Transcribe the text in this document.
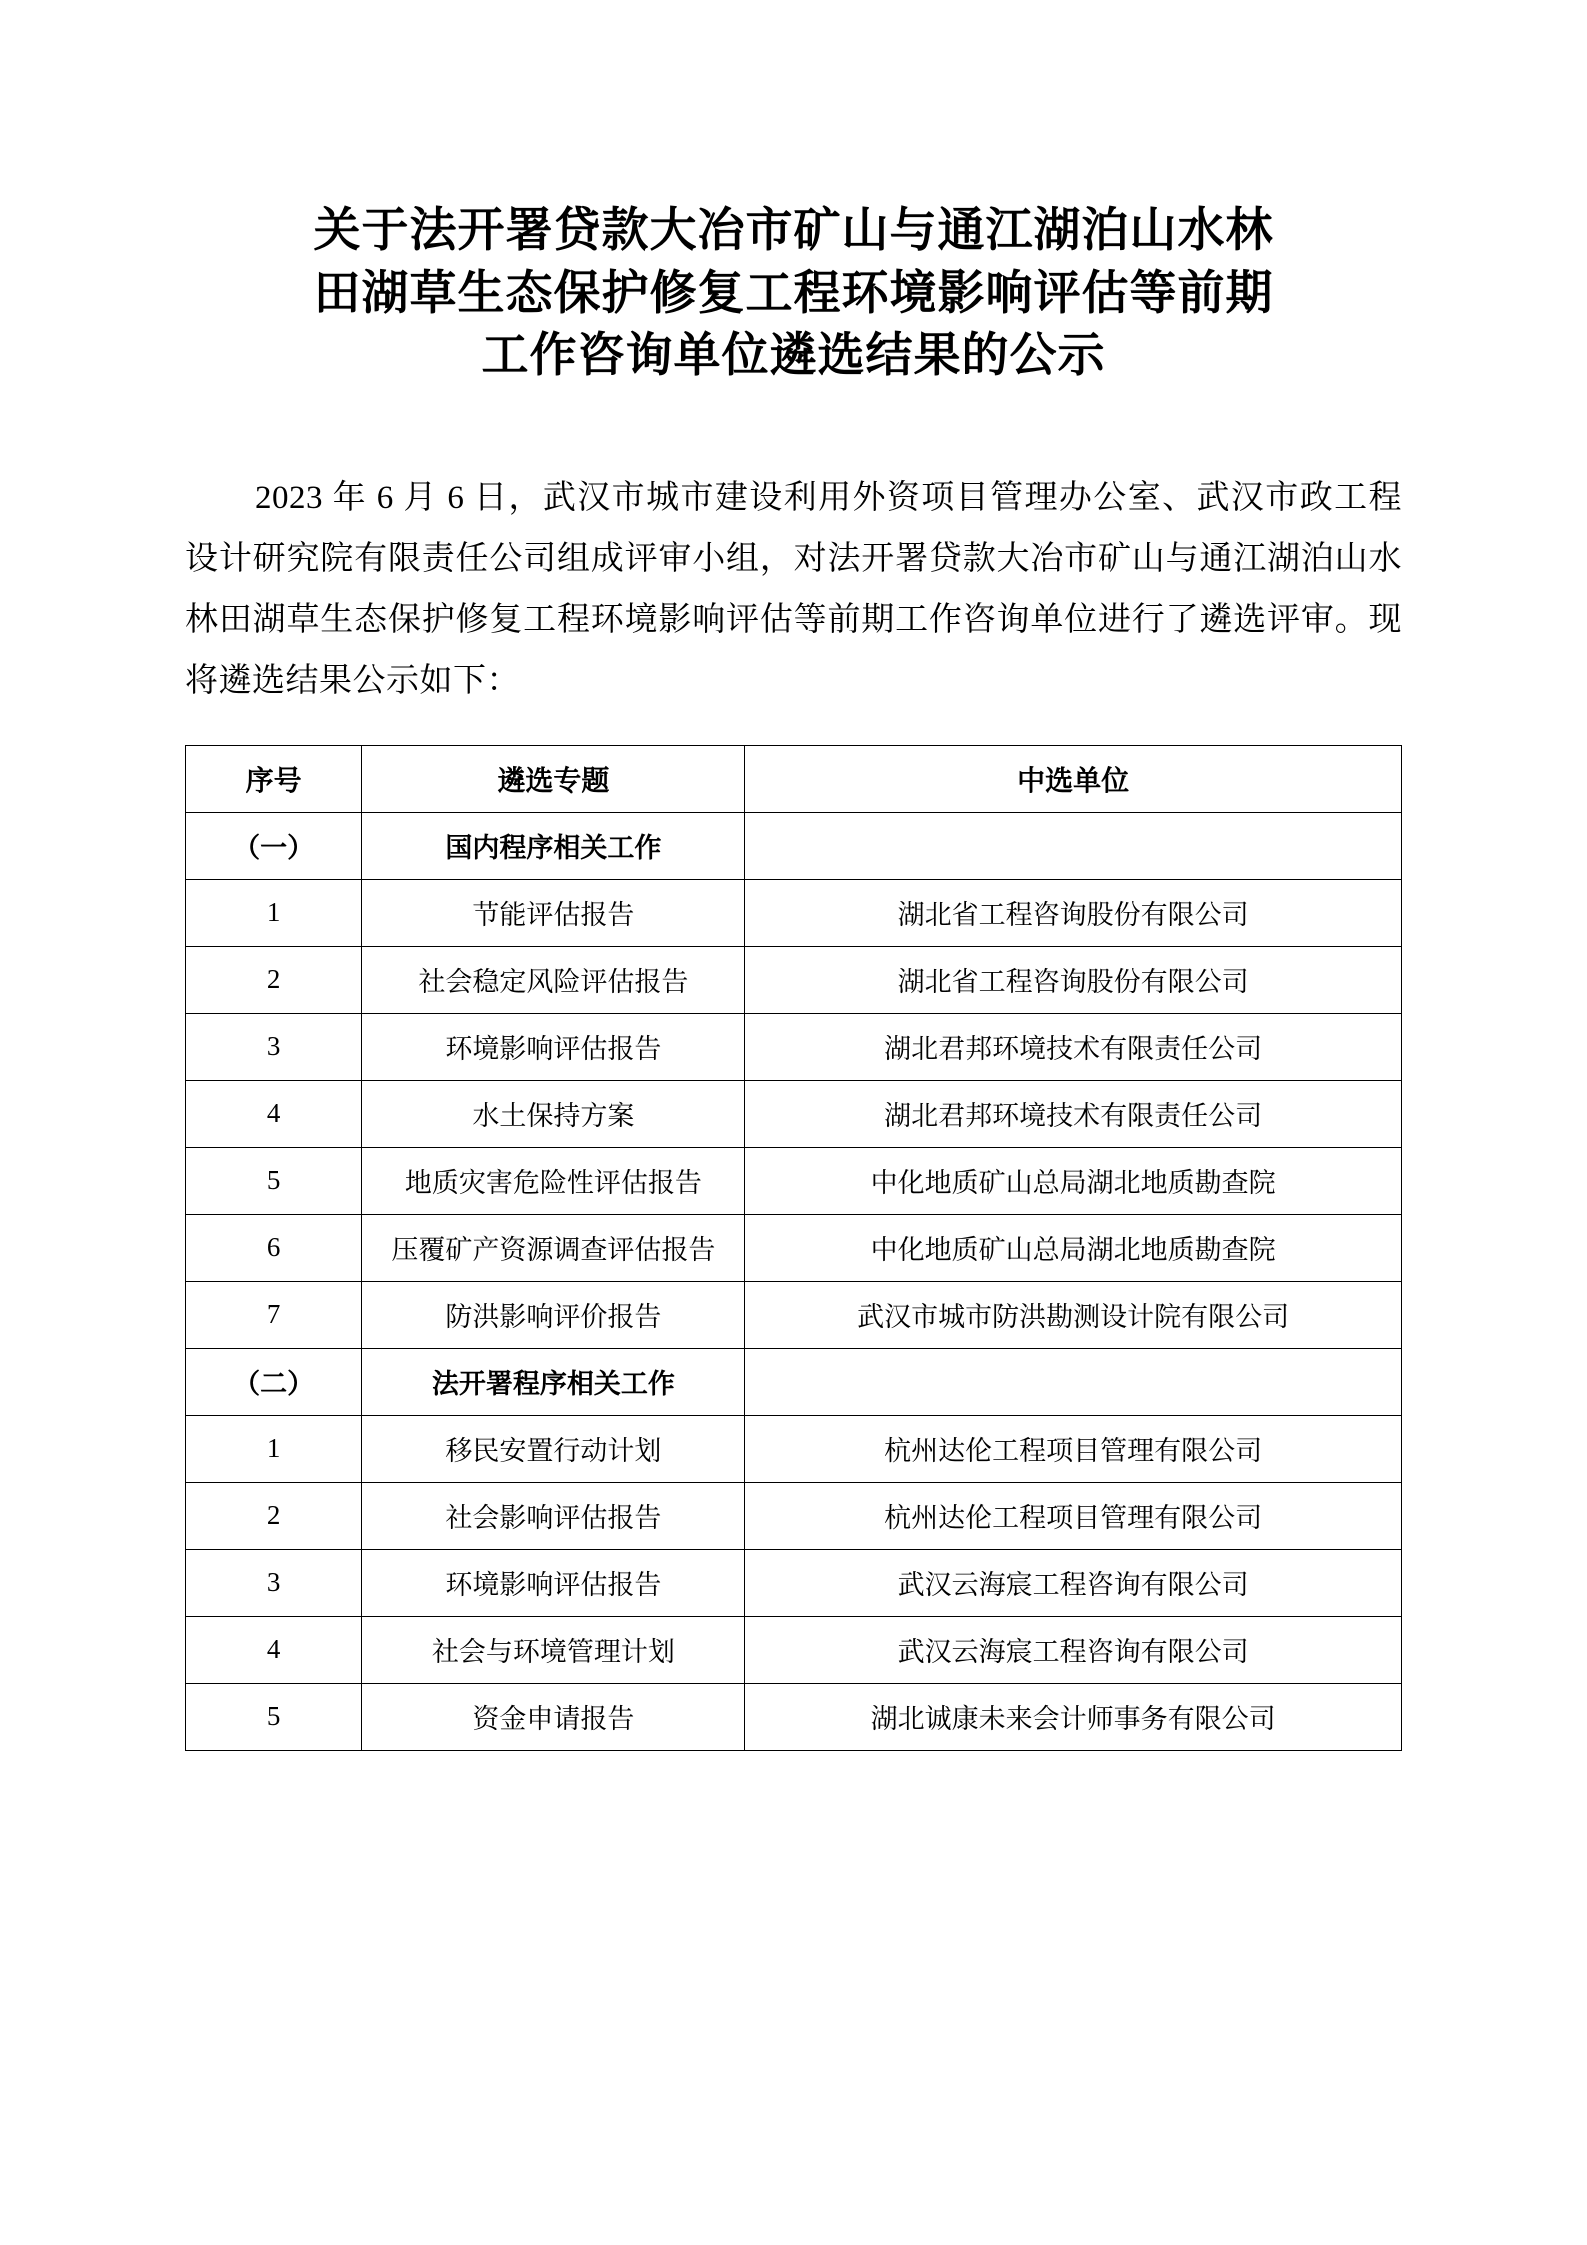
关于法开署贷款大冶市矿山与通江湖泊山水林
田湖草生态保护修复工程环境影响评估等前期
工作咨询单位遴选结果的公示

2023 年 6 月 6 日，武汉市城市建设利用外资项目管理办公室、武汉市政工程设计研究院有限责任公司组成评审小组，对法开署贷款大冶市矿山与通江湖泊山水林田湖草生态保护修复工程环境影响评估等前期工作咨询单位进行了遴选评审。现将遴选结果公示如下：

序号	遴选专题	中选单位
（一）	国内程序相关工作	
1	节能评估报告	湖北省工程咨询股份有限公司
2	社会稳定风险评估报告	湖北省工程咨询股份有限公司
3	环境影响评估报告	湖北君邦环境技术有限责任公司
4	水土保持方案	湖北君邦环境技术有限责任公司
5	地质灾害危险性评估报告	中化地质矿山总局湖北地质勘查院
6	压覆矿产资源调查评估报告	中化地质矿山总局湖北地质勘查院
7	防洪影响评价报告	武汉市城市防洪勘测设计院有限公司
（二）	法开署程序相关工作	
1	移民安置行动计划	杭州达伦工程项目管理有限公司
2	社会影响评估报告	杭州达伦工程项目管理有限公司
3	环境影响评估报告	武汉云海宸工程咨询有限公司
4	社会与环境管理计划	武汉云海宸工程咨询有限公司
5	资金申请报告	湖北诚康未来会计师事务有限公司
